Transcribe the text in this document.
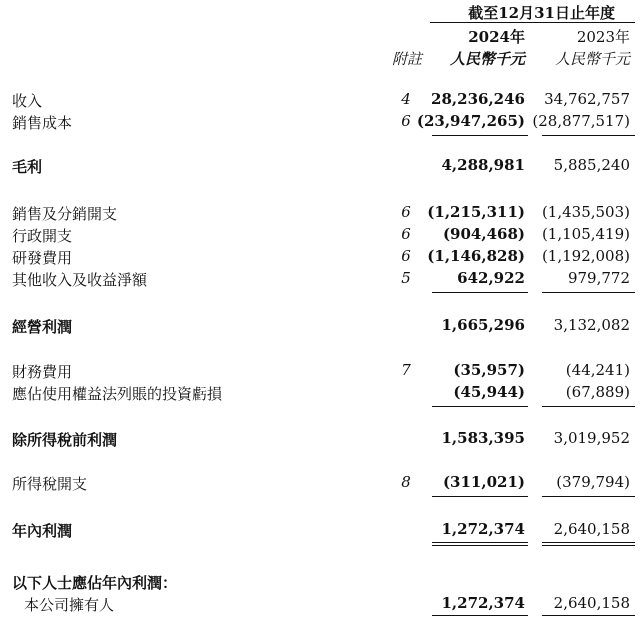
截至12月31日止年度
2024年	2023年
附註 人民幣千元 人民幣千元
收入	4	28,236,246 34,762,757
銷售成本	6 (23,947,265) (28,877,517)
毛利	4,288,981 5,885,240
銷售及分銷開支	6	(1,215,311) (1,435,503)
行政開支	6	(904,468) (1,105,419)
研發費用	6	(1,146,828) (1,192,008)
其他收入及收益淨額	5	642,922	979,772
經營利潤	1,665,296 3,132,082
財務費用	7	(35,957)	(44,241)
應佔使用權益法列賬的投資虧損	(45,944)	(67,889)
除所得稅前利潤	1,583,395 3,019,952
所得稅開支	8	(311,021) (379,794)
年內利潤	1,272,374 2,640,158
以下人士應佔年內利潤：
本公司擁有人	1,272,374 2,640,158
